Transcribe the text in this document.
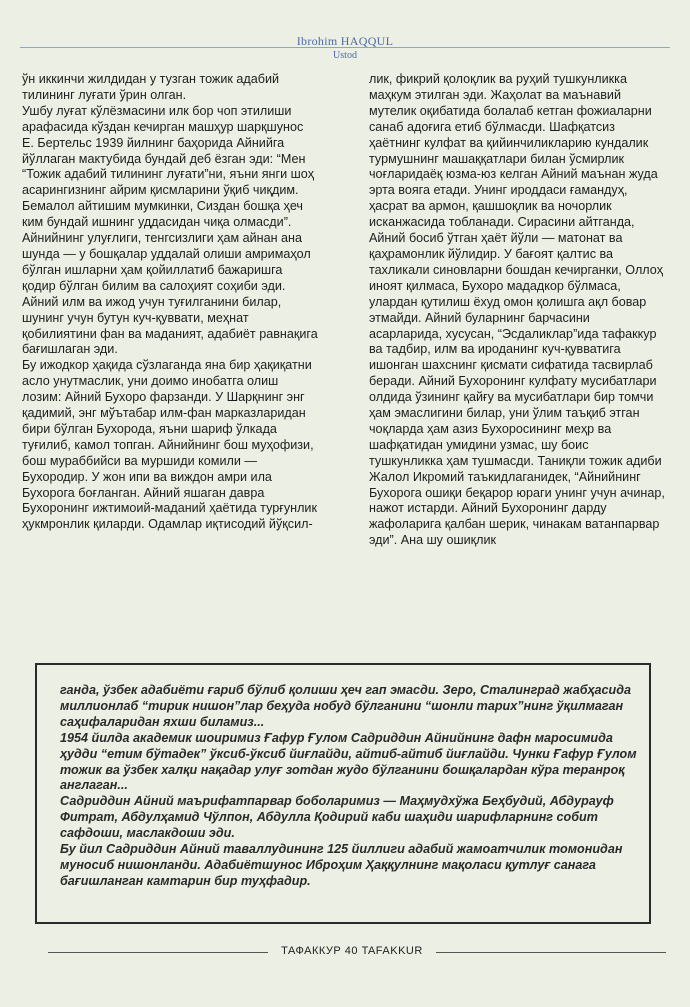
Ibrohim HAQQUL
Ustod

ўн иккинчи жилдидан у тузган тожик адабий тилининг луғати ўрин олган.

Ушбу луғат кўлёзмасини илк бор чоп этилиши арафасида кўздан кечирган машҳур шарқшунос Е. Бертельс 1939 йилнинг баҳорида Айнийга йўллаган мактубида бундай деб ёзган эди: “Мен “Тожик адабий тилининг луғати”ни, яъни янги шоҳ асарингизнинг айрим қисмларини ўқиб чиқдим. Бемалол айтишим мумкинки, Сиздан бошқа ҳеч ким бундай ишнинг уддасидан чиқа олмасди”. Айнийнинг улуғлиги, тенгсизлиги ҳам айнан ана шунда — у бошқалар уддалай олиши амримаҳол бўлган ишларни ҳам қойиллатиб бажаришга қодир бўлган билим ва салоҳият соҳиби эди. Айний илм ва ижод учун туғилганини билар, шунинг учун бутун куч-қуввати, меҳнат қобилиятини фан ва маданият, адабиёт равнақига бағишлаган эди.

Бу ижодкор ҳақида сўзлаганда яна бир ҳақиқатни асло унутмаслик, уни доимо инобатга олиш лозим: Айний Бухоро фарзанди. У Шарқнинг энг қадимий, энг мўътабар илм-фан марказларидан бири бўлган Бухорода, яъни шариф ўлкада туғилиб, камол топган. Айнийнинг бош муҳофизи, бош мураббийси ва муршиди комили — Бухородир. У жон ипи ва виждон амри ила Бухорога боғланган. Айний яшаган давра Бухоронинг ижтимоий-маданий ҳаётида турғунлик ҳукмронлик қиларди. Одамлар иқтисодий йўқсил-

лик, фикрий қолоқлик ва руҳий тушкунликка маҳкум этилган эди. Жаҳолат ва маънавий мутелик оқибатида болалаб кетган фожиаларни санаб адоғига етиб бўлмасди. Шафқатсиз ҳаётнинг кулфат ва қийинчиликларию кундалик турмушнинг машаққатлари билан ўсмирлик чоғларидаёқ юзма-юз келган Айний маънан жуда эрта вояга етади. Унинг ироддаси ғамандуҳ, ҳасрат ва армон, қашшоқлик ва ночорлик исканжасида тобланади. Сирасини айтганда, Айний босиб ўтган ҳаёт йўли — матонат ва қаҳрамонлик йўлидир. У бағоят қалтис ва тахликали синовларни бошдан кечирганки, Оллоҳ иноят қилмаса, Бухоро мададкор бўлмаса, улардан қутилиш ёхуд омон қолишга ақл бовар этмайди. Айний буларнинг барчасини асарларида, хусусан, “Эсдаликлар”ида тафаккур ва тадбир, илм ва ироданинг куч-қувватига ишонган шахснинг қисмати сифатида тасвирлаб беради. Айний Бухоронинг кулфату мусибатлари олдида ўзининг қайғу ва мусибатлари бир томчи ҳам эмаслигини билар, уни ўлим таъқиб этган чоқларда ҳам азиз Бухоросининг меҳр ва шафқатидан умидини узмас, шу боис тушкунликка ҳам тушмасди. Таниқли тожик адиби Жалол Икромий таъкидлаганидек, “Айнийнинг Бухорога ошиқи беқарор юраги унинг учун ачинар, нажот истарди. Айний Бухоронинг дарду жафоларига қалбан шерик, чинакам ватанпарвар эди”. Ана шу ошиқлик

ганда, ўзбек адабиёти ғариб бўлиб қолиши ҳеч гап эмасди. Зеро, Сталинград жабҳасида миллионлаб “тирик нишон”лар беҳуда нобуд бўлганини “шонли тарих”нинг ўқилмаган саҳифаларидан яхши биламиз...

1954 йилда академик шоиримиз Ғафур Ғулом Садриддин Айнийнинг дафн маросимида ҳудди “етим бўтадек” ўксиб-ўксиб йиғлайди, айтиб-айтиб йиғлайди. Чунки Ғафур Ғулом тожик ва ўзбек халқи нақадар улуғ зотдан жудо бўлганини бошқалардан кўра теранроқ англаган...

Садриддин Айний маърифатпарвар боболаримиз — Маҳмудхўжа Беҳбудий, Абдурауф Фитрат, Абдулҳамид Чўлпон, Абдулла Қодирий каби шаҳиди шарифларнинг собит сафдоши, маслакдоши эди.

Бу йил Садриддин Айний таваллудининг 125 йиллиги адабий жамоатчилик томонидан муносиб нишонланди. Адабиётшунос Иброҳим Ҳаққулнинг мақоласи қутлуғ санага бағишланган камтарин бир туҳфадир.

ТАФАККУР 40 TAFAKKUR
